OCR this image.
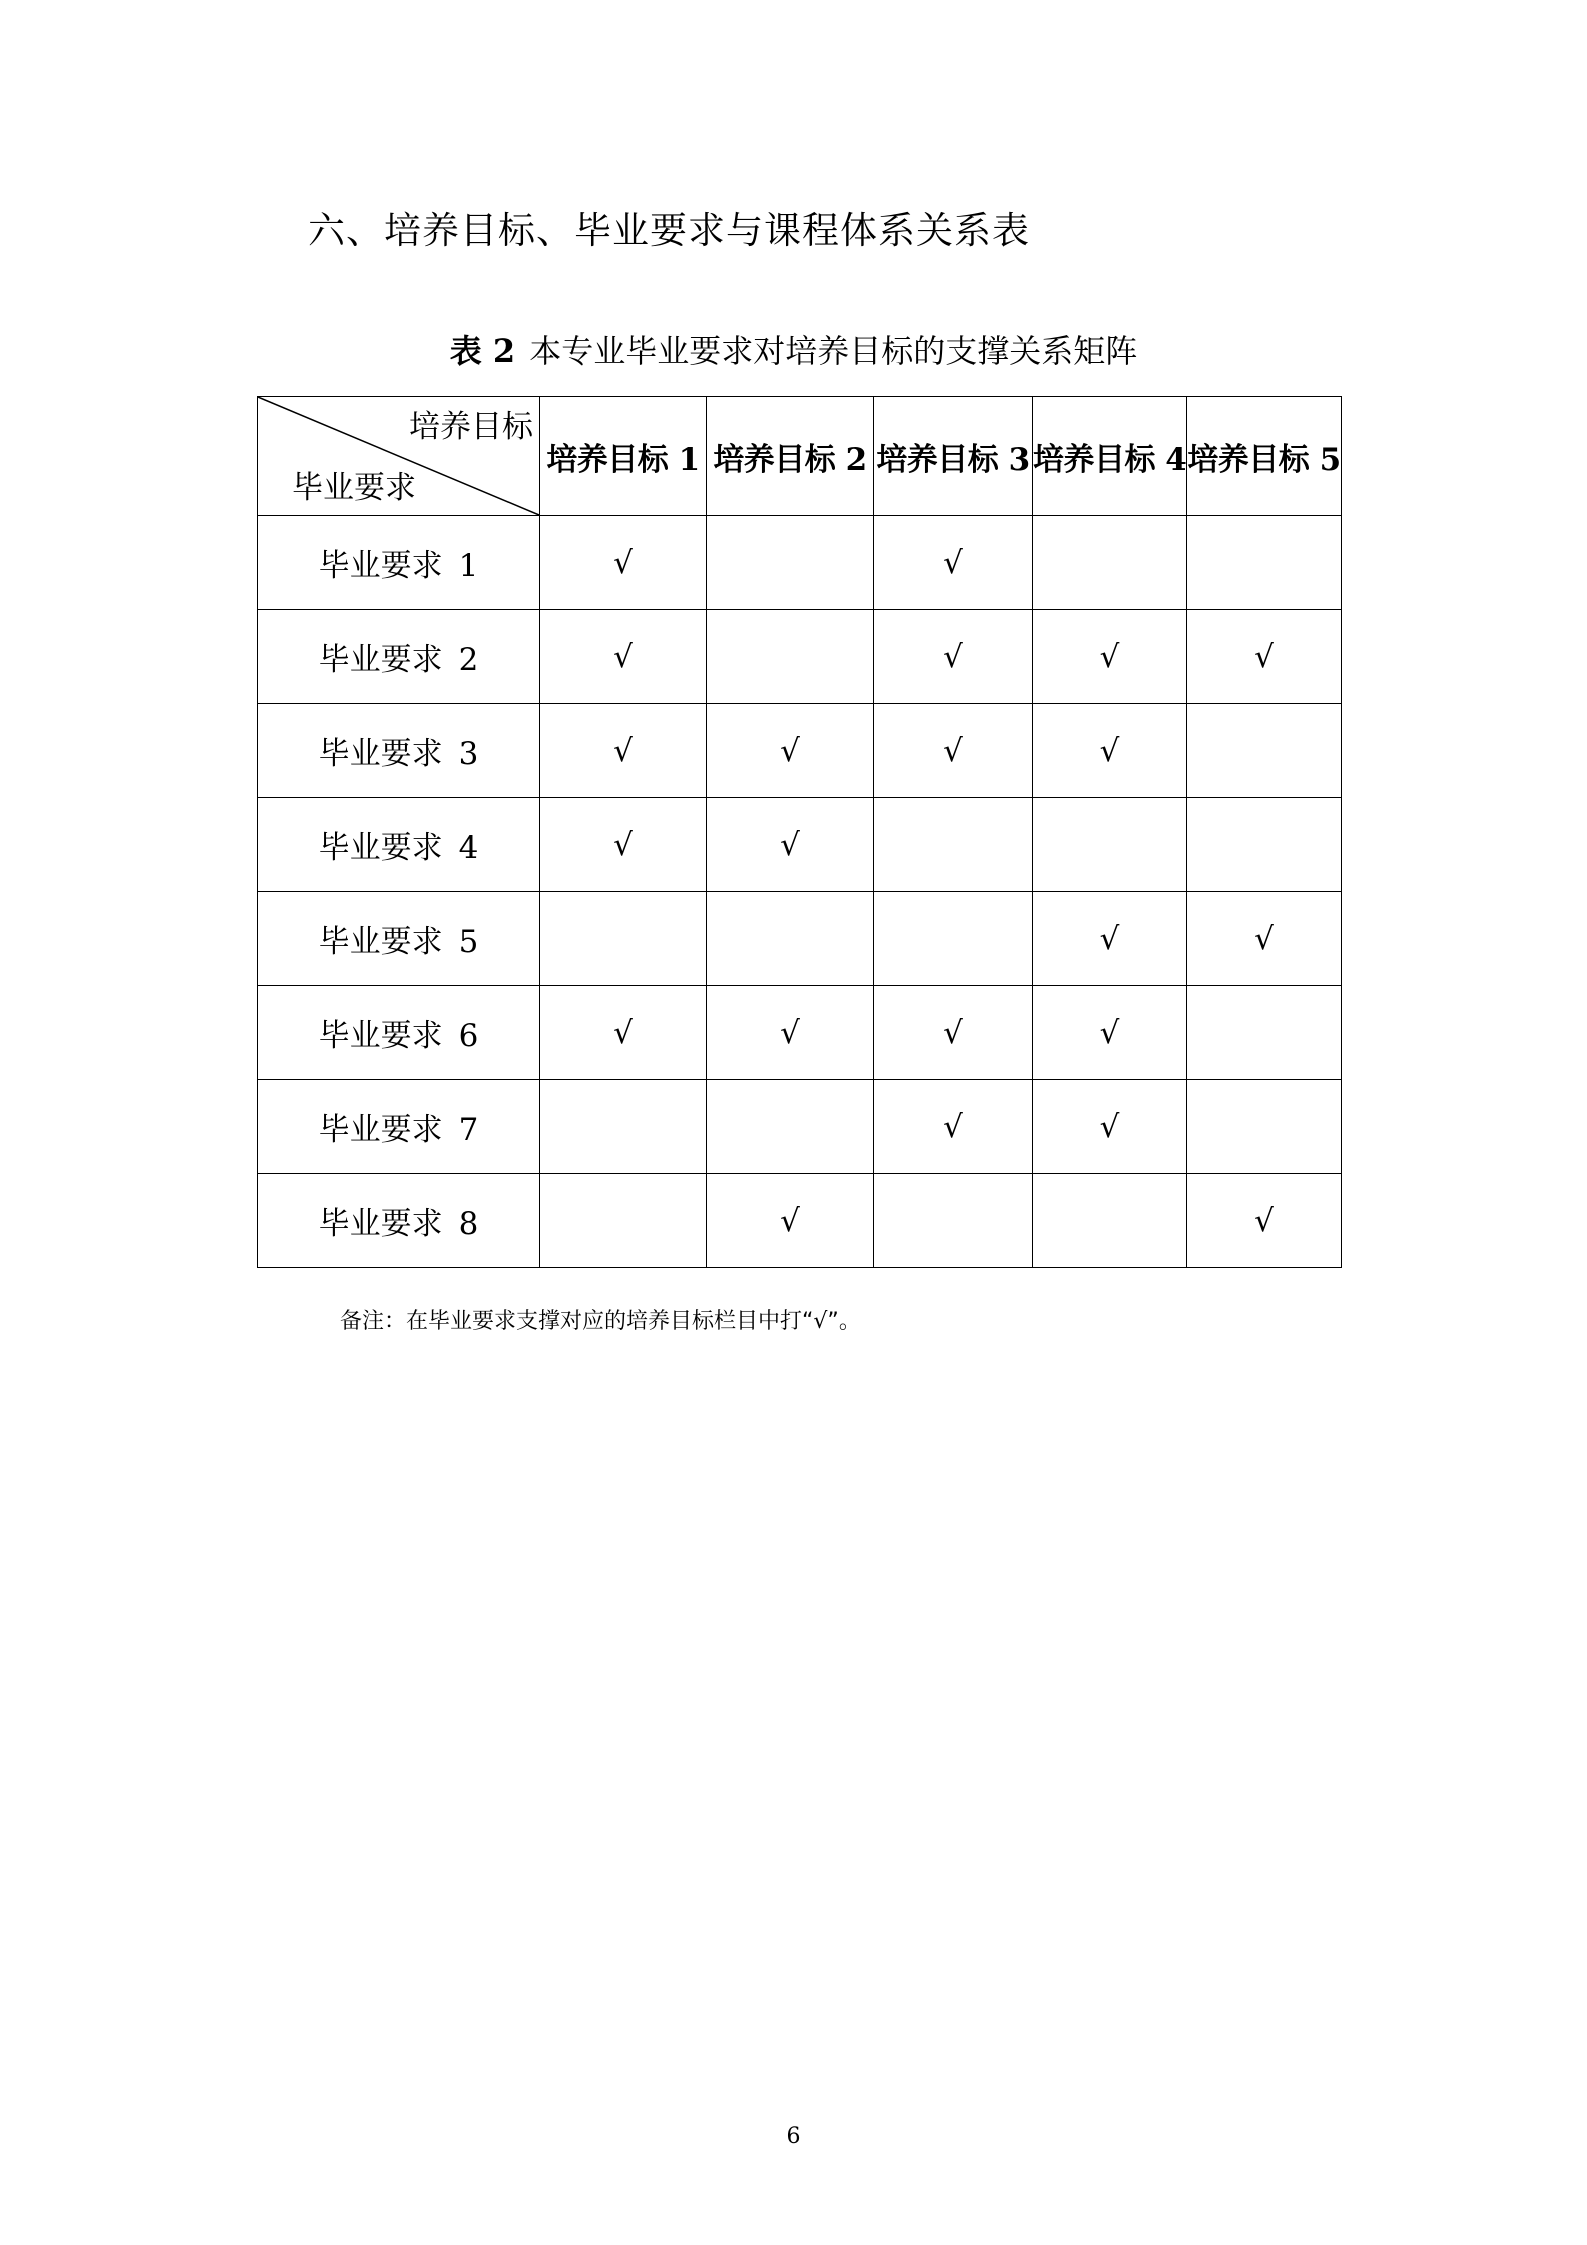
六、培养目标、毕业要求与课程体系关系表
表 2 本专业毕业要求对培养目标的支撑关系矩阵
培养目标
毕业要求	培养目标 1	培养目标 2	培养目标 3	培养目标 4	培养目标 5
毕业要求 1	√		√		
毕业要求 2	√		√	√	√
毕业要求 3	√	√	√	√	
毕业要求 4	√	√			
毕业要求 5				√	√
毕业要求 6	√	√	√	√	
毕业要求 7			√	√	
毕业要求 8		√			√
备注：在毕业要求支撑对应的培养目标栏目中打“√”。
6
